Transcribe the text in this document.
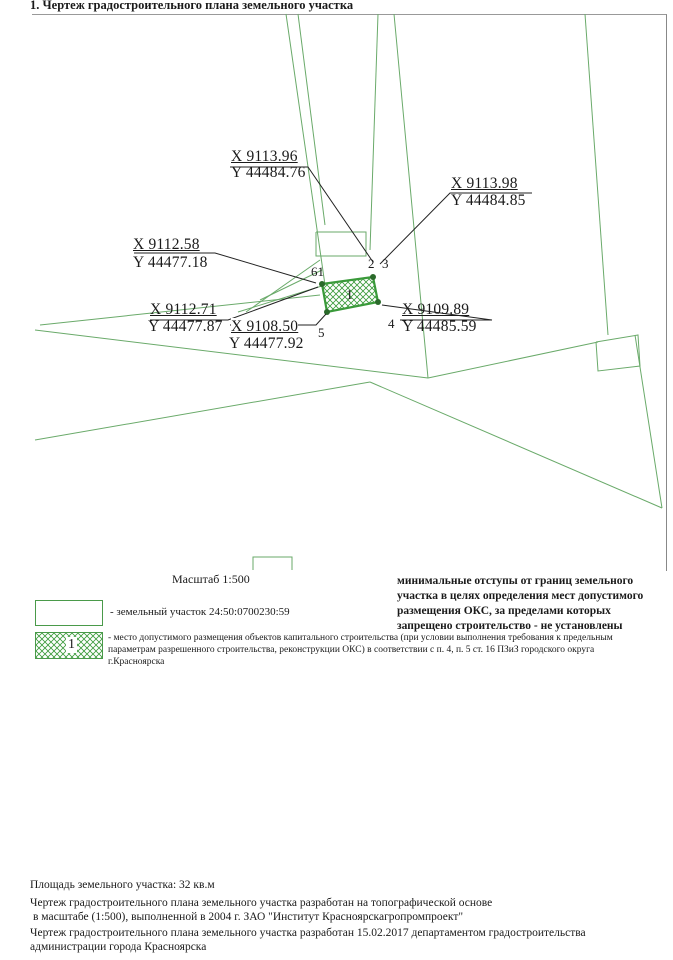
1. Чертеж градостроительного плана земельного участка
X 9113.96
Y 44484.76
X 9113.98
Y 44484.85
X 9112.58
Y 44477.18
X 9112.71
Y 44477.87 X 9108.50
Y 44477.92
X 9109.89
Y 44485.59
61
2 3
4
5
1
Масштаб 1:500	минимальные отступы от границ земельного участка в целях определения мест допустимого размещения ОКС, за пределами которых запрещено строительство - не установлены
- земельный участок 24:50:0700230:59
1	- место допустимого размещения объектов капитального строительства (при условии выполнения требования к предельным параметрам разрешенного строительства, реконструкции ОКС) в соответствии с п. 4, п. 5 ст. 16 ПЗиЗ городского округа г.Красноярска
Площадь земельного участка: 32 кв.м
Чертеж градостроительного плана земельного участка разработан на топографической основе
в масштабе (1:500), выполненной в 2004 г. ЗАО "Институт Красноярскагропромпроект"
Чертеж градостроительного плана земельного участка разработан 15.02.2017 департаментом градостроительства
администрации города Красноярска
